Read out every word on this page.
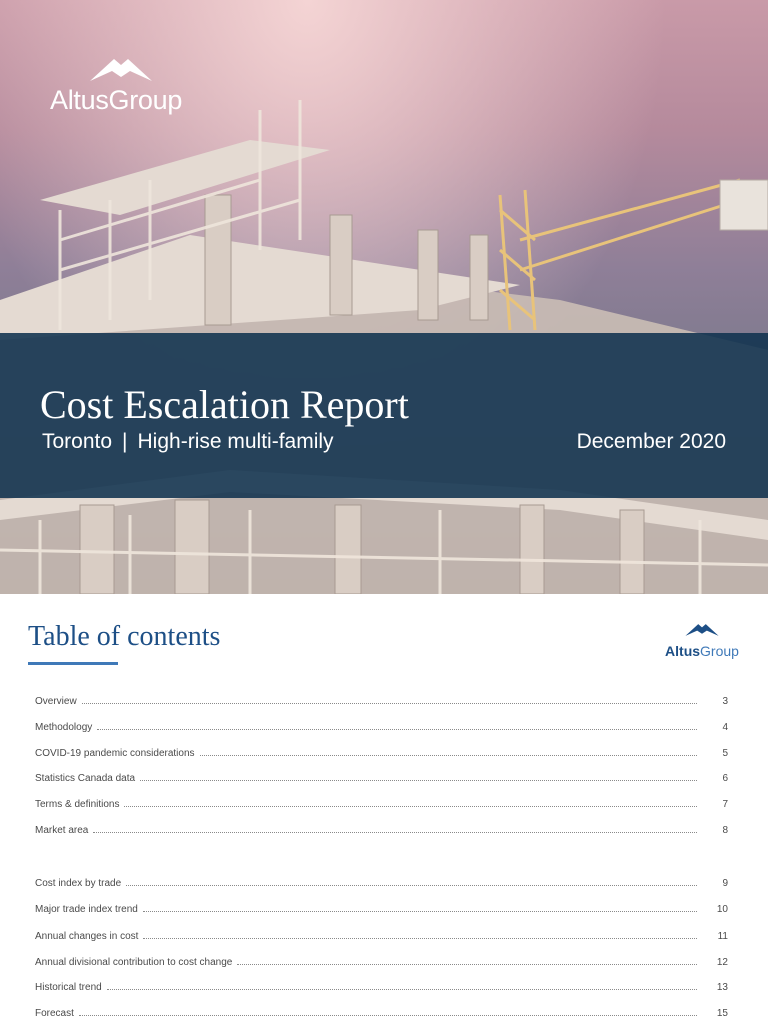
AltusGroup
Cost Escalation Report
Toronto | High-rise multi-family	December 2020
Table of contents	AltusGroup
Overview	3
Methodology	4
COVID-19 pandemic considerations	5
Statistics Canada data	6
Terms & definitions	7
Market area	8
Cost index by trade	9
Major trade index trend	10
Annual changes in cost	11
Annual divisional contribution to cost change	12
Historical trend	13
Forecast	15
